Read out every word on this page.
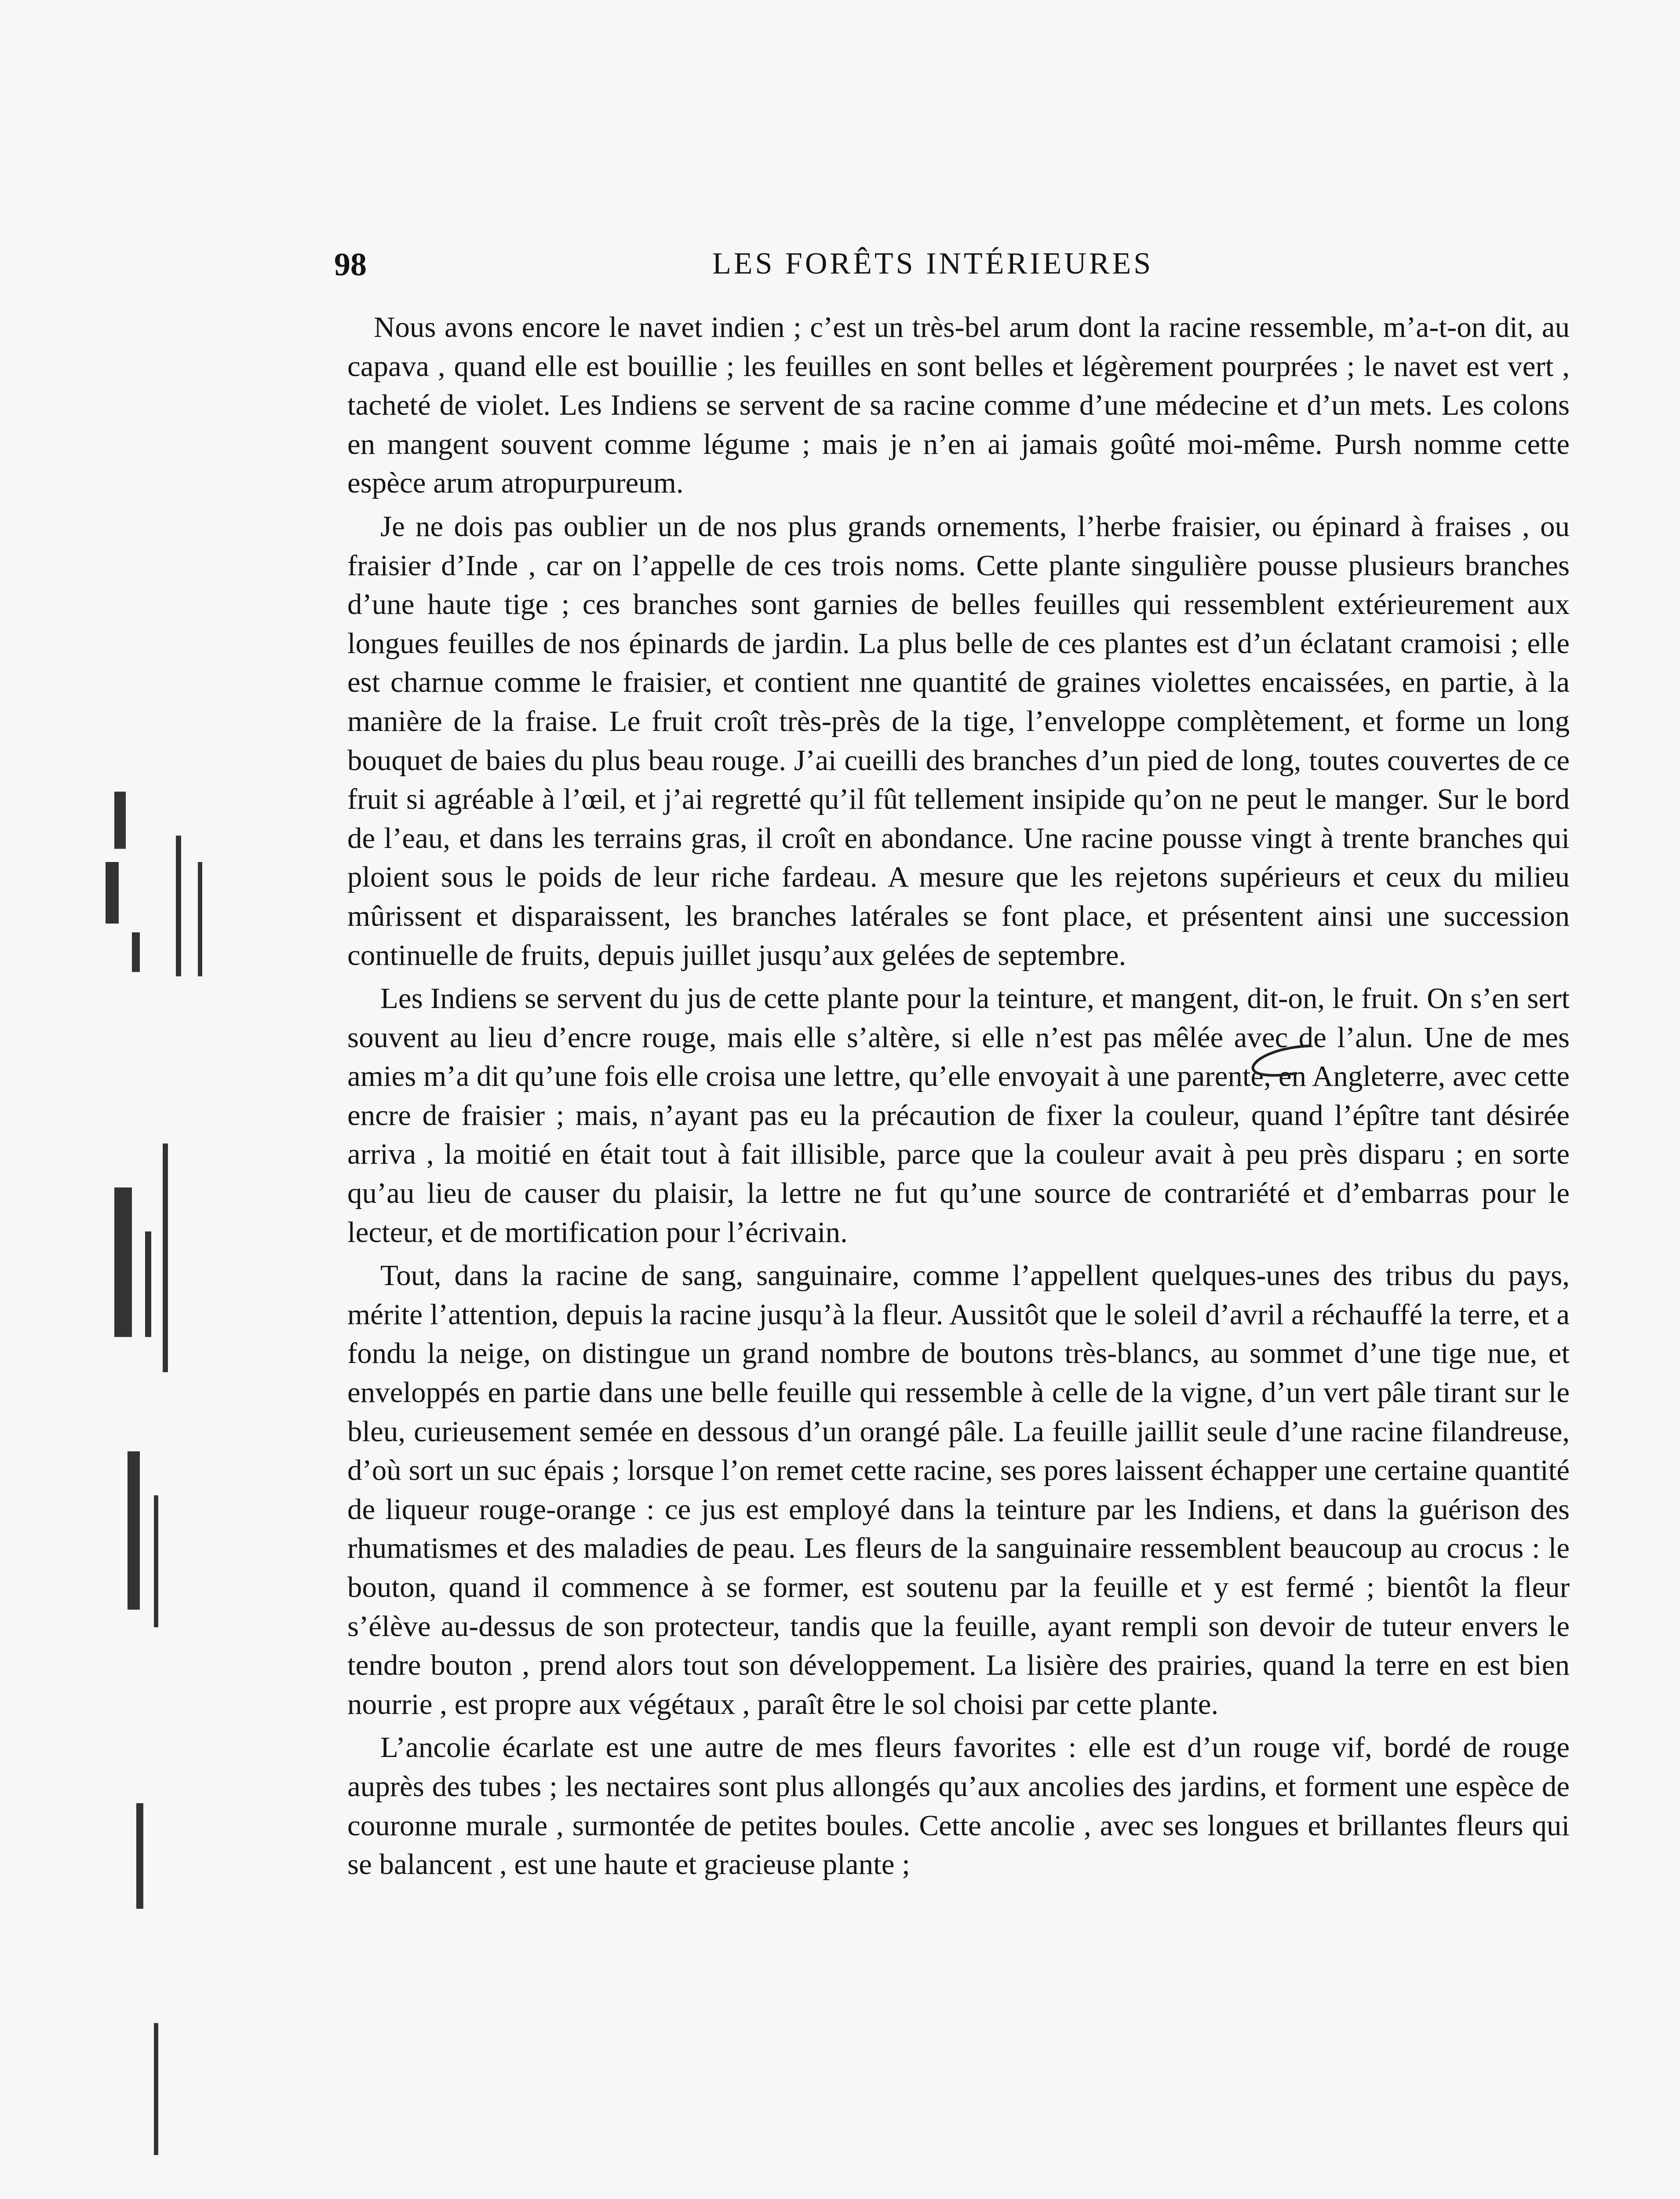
98	LES FORÊTS INTÉRIEURES

Nous avons encore le navet indien ; c’est un très-bel arum dont la racine ressemble, m’a-t-on dit, au capava , quand elle est bouillie ; les feuilles en sont belles et légèrement pourprées ; le navet est vert , tacheté de violet. Les Indiens se servent de sa racine comme d’une médecine et d’un mets. Les colons en mangent souvent comme légume ; mais je n’en ai jamais goûté moi-même. Pursh nomme cette espèce arum atropurpureum.

Je ne dois pas oublier un de nos plus grands ornements, l’herbe fraisier, ou épinard à fraises , ou fraisier d’Inde , car on l’appelle de ces trois noms. Cette plante singulière pousse plusieurs branches d’une haute tige ; ces branches sont garnies de belles feuilles qui ressemblent extérieurement aux longues feuilles de nos épinards de jardin. La plus belle de ces plantes est d’un éclatant cramoisi ; elle est charnue comme le fraisier, et contient nne quantité de graines violettes encaissées, en partie, à la manière de la fraise. Le fruit croît très-près de la tige, l’enveloppe complètement, et forme un long bouquet de baies du plus beau rouge. J’ai cueilli des branches d’un pied de long, toutes couvertes de ce fruit si agréable à l’œil, et j’ai regretté qu’il fût tellement insipide qu’on ne peut le manger. Sur le bord de l’eau, et dans les terrains gras, il croît en abondance. Une racine pousse vingt à trente branches qui ploient sous le poids de leur riche fardeau. A mesure que les rejetons supérieurs et ceux du milieu mûrissent et disparaissent, les branches latérales se font place, et présentent ainsi une succession continuelle de fruits, depuis juillet jusqu’aux gelées de septembre.

Les Indiens se servent du jus de cette plante pour la teinture, et mangent, dit-on, le fruit. On s’en sert souvent au lieu d’encre rouge, mais elle s’altère, si elle n’est pas mêlée avec de l’alun. Une de mes amies m’a dit qu’une fois elle croisa une lettre, qu’elle envoyait à une parente, en Angleterre, avec cette encre de fraisier ; mais, n’ayant pas eu la précaution de fixer la couleur, quand l’épître tant désirée arriva , la moitié en était tout à fait illisible, parce que la couleur avait à peu près disparu ; en sorte qu’au lieu de causer du plaisir, la lettre ne fut qu’une source de contrariété et d’embarras pour le lecteur, et de mortification pour l’écrivain.

Tout, dans la racine de sang, sanguinaire, comme l’appellent quelques-unes des tribus du pays, mérite l’attention, depuis la racine jusqu’à la fleur. Aussitôt que le soleil d’avril a réchauffé la terre, et a fondu la neige, on distingue un grand nombre de boutons très-blancs, au sommet d’une tige nue, et enveloppés en partie dans une belle feuille qui ressemble à celle de la vigne, d’un vert pâle tirant sur le bleu, curieusement semée en dessous d’un orangé pâle. La feuille jaillit seule d’une racine filandreuse, d’où sort un suc épais ; lorsque l’on remet cette racine, ses pores laissent échapper une certaine quantité de liqueur rouge-orange : ce jus est employé dans la teinture par les Indiens, et dans la guérison des rhumatismes et des maladies de peau. Les fleurs de la sanguinaire ressemblent beaucoup au crocus : le bouton, quand il commence à se former, est soutenu par la feuille et y est fermé ; bientôt la fleur s’élève au-dessus de son protecteur, tandis que la feuille, ayant rempli son devoir de tuteur envers le tendre bouton , prend alors tout son développement. La lisière des prairies, quand la terre en est bien nourrie , est propre aux végétaux , paraît être le sol choisi par cette plante.

L’ancolie écarlate est une autre de mes fleurs favorites : elle est d’un rouge vif, bordé de rouge auprès des tubes ; les nectaires sont plus allongés qu’aux ancolies des jardins, et forment une espèce de couronne murale , surmontée de petites boules. Cette ancolie , avec ses longues et brillantes fleurs qui se balancent , est une haute et gracieuse plante ;
